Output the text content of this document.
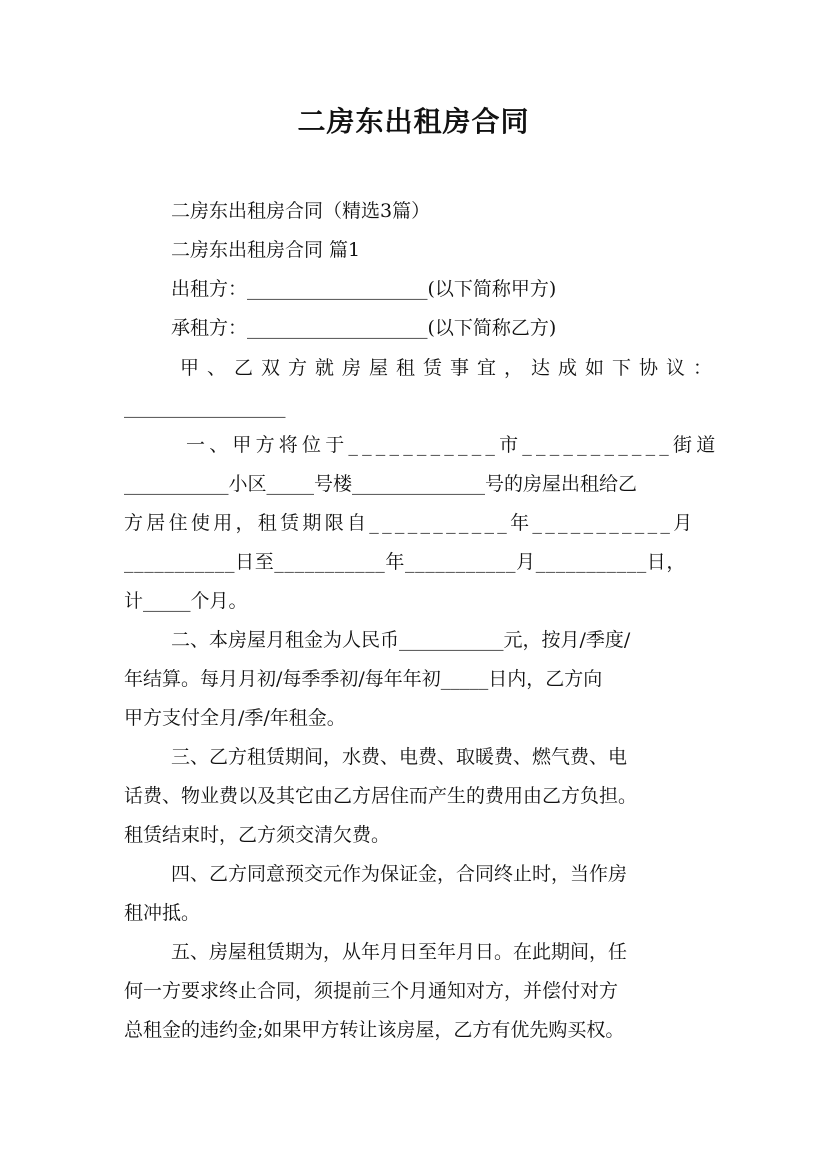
二房东出租房合同
二房东出租房合同（精选3篇）
二房东出租房合同 篇1
出租方：___________________(以下简称甲方)
承租方：___________________(以下简称乙方)
甲、乙双方就房屋租赁事宜，达成如下协议：
_________________
一、甲方将位于___________市___________街道
___________小区_____号楼______________号的房屋出租给乙
方居住使用，租赁期限自___________年___________月
___________日至___________年___________月___________日，
计_____个月。
二、本房屋月租金为人民币___________元，按月/季度/
年结算。每月月初/每季季初/每年年初_____日内，乙方向
甲方支付全月/季/年租金。
三、乙方租赁期间，水费、电费、取暖费、燃气费、电
话费、物业费以及其它由乙方居住而产生的费用由乙方负担。
租赁结束时，乙方须交清欠费。
四、乙方同意预交元作为保证金，合同终止时，当作房
租冲抵。
五、房屋租赁期为，从年月日至年月日。在此期间，任
何一方要求终止合同，须提前三个月通知对方，并偿付对方
总租金的违约金;如果甲方转让该房屋，乙方有优先购买权。
